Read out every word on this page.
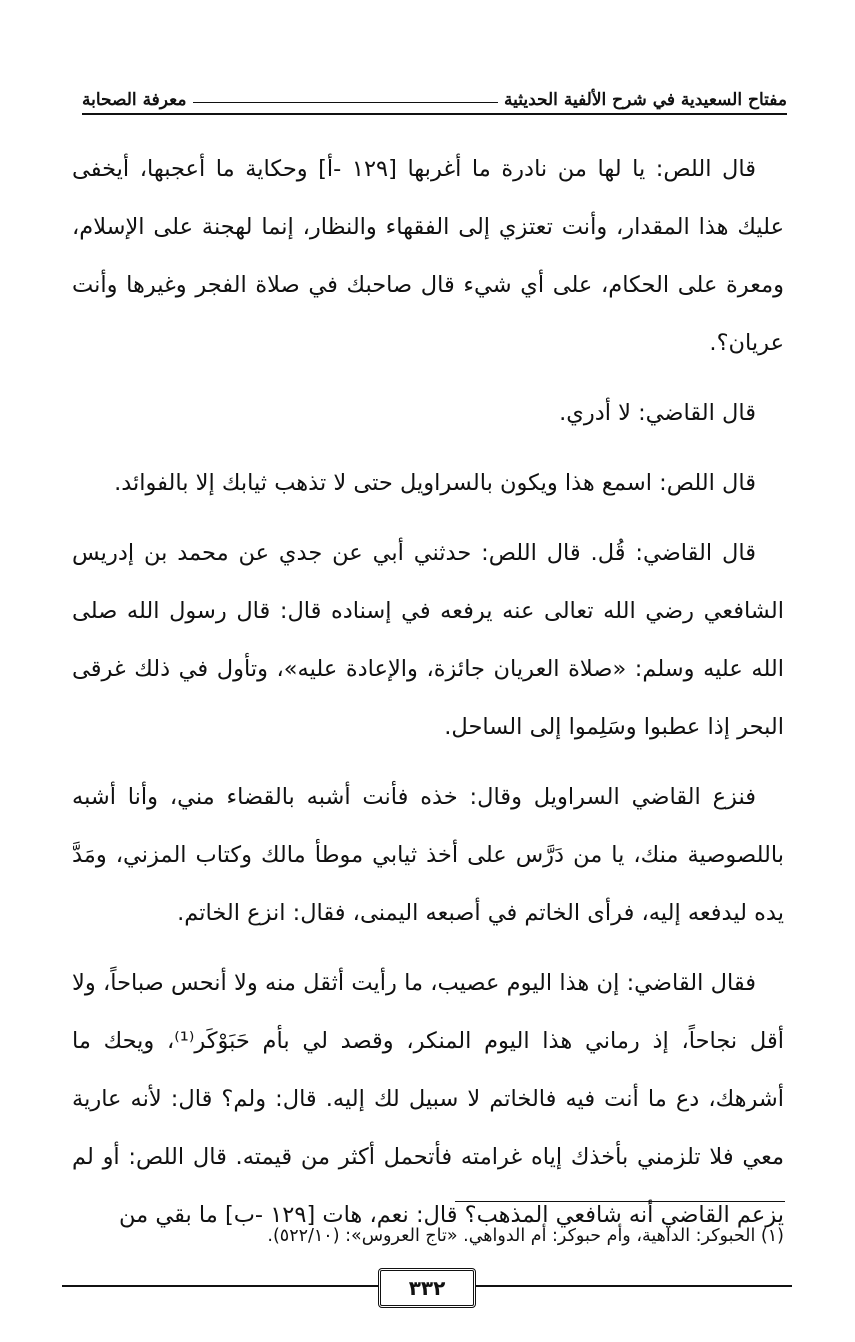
مفتاح السعيدية في شرح الألفية الحديثية
معرفة الصحابة

قال اللص: يا لها من نادرة ما أغربها [١٢٩ -أ] وحكاية ما أعجبها، أيخفى عليك هذا المقدار، وأنت تعتزي إلى الفقهاء والنظار، إنما لهجنة على الإسلام، ومعرة على الحكام، على أي شيء قال صاحبك في صلاة الفجر وغيرها وأنت عريان؟.

قال القاضي: لا أدري.

قال اللص: اسمع هذا ويكون بالسراويل حتى لا تذهب ثيابك إلا بالفوائد.

قال القاضي: قُل. قال اللص: حدثني أبي عن جدي عن محمد بن إدريس الشافعي رضي الله تعالى عنه يرفعه في إسناده قال: قال رسول الله صلى الله عليه وسلم: «صلاة العريان جائزة، والإعادة عليه»، وتأول في ذلك غرقى البحر إذا عطبوا وسَلِموا إلى الساحل.

فنزع القاضي السراويل وقال: خذه فأنت أشبه بالقضاء مني، وأنا أشبه باللصوصية منك، يا من دَرَّس على أخذ ثيابي موطأ مالك وكتاب المزني، ومَدَّ يده ليدفعه إليه، فرأى الخاتم في أصبعه اليمنى، فقال: انزع الخاتم.

فقال القاضي: إن هذا اليوم عصيب، ما رأيت أثقل منه ولا أنحس صباحاً، ولا أقل نجاحاً، إذ رماني هذا اليوم المنكر، وقصد لي بأم حَبَوْكَر⁽¹⁾، ويحك ما أشرهك، دع ما أنت فيه فالخاتم لا سبيل لك إليه. قال: ولم؟ قال: لأنه عارية معي فلا تلزمني بأخذك إياه غرامته فأتحمل أكثر من قيمته. قال اللص: أو لم يزعم القاضي أنه شافعي المذهب؟ قال: نعم، هات [١٢٩ -ب] ما بقي من

(١) الحبوكر: الداهية، وأم حبوكر: أم الدواهي. «تاج العروس»: (٥٢٢/١٠).
٣٣٢
